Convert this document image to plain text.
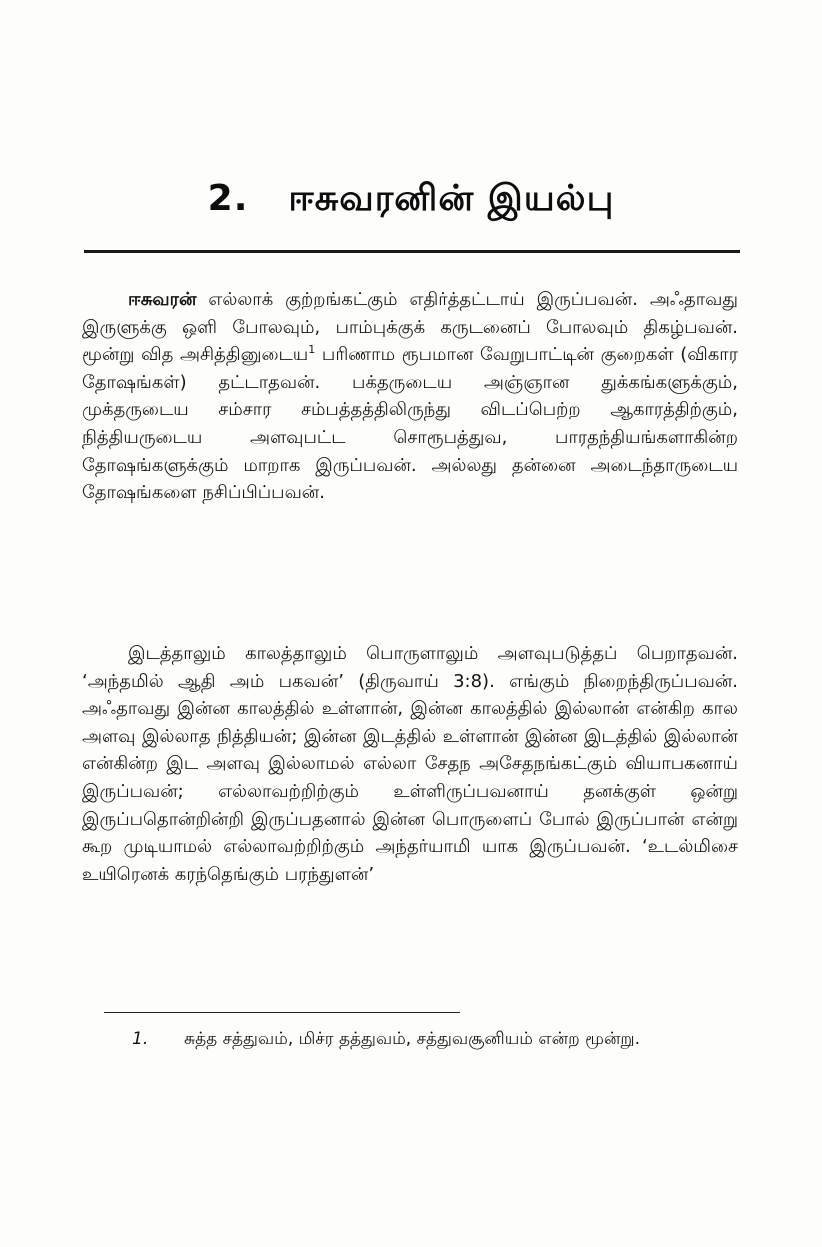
2. ஈசுவரனின் இயல்பு

ஈசுவரன் எல்லாக் குற்றங்கட்கும் எதிர்த்தட்டாய் இருப்பவன். அஃதாவது இருளுக்கு ஒளி போலவும், பாம்புக்குக் கருடனைப் போலவும் திகழ்பவன். மூன்று வித அசித்தினுடைய$^1$ பரிணாம ரூபமான வேறுபாட்டின் குறைகள் (விகார தோஷங்கள்) தட்டாதவன். பக்தருடைய அஞ்ஞான துக்கங்களுக்கும், முக்தருடைய சம்சார சம்பத்தத்திலிருந்து விடப்பெற்ற ஆகாரத்திற்கும், நித்தியருடைய அளவுபட்ட சொரூபத்துவ, பாரதந்தியங்களாகின்ற தோஷங்களுக்கும் மாறாக இருப்பவன். அல்லது தன்னை அடைந்தாருடைய தோஷங்களை நசிப்பிப்பவன்.

இடத்தாலும் காலத்தாலும் பொருளாலும் அளவுபடுத்தப் பெறாதவன். ‘அந்தமில் ஆதி அம் பகவன்’ (திருவாய் 3:8). எங்கும் நிறைந்திருப்பவன். அஃதாவது இன்ன காலத்தில் உள்ளான், இன்ன காலத்தில் இல்லான் என்கிற கால அளவு இல்லாத நித்தியன்; இன்ன இடத்தில் உள்ளான் இன்ன இடத்தில் இல்லான் என்கின்ற இட அளவு இல்லாமல் எல்லா சேதந அசேதநங்கட்கும் வியாபகனாய் இருப்பவன்; எல்லாவற்றிற்கும் உள்ளிருப்பவனாய் தனக்குள் ஒன்று இருப்பதொன்றின்றி இருப்பதனால் இன்ன பொருளைப் போல் இருப்பான் என்று கூற முடியாமல் எல்லாவற்றிற்கும் அந்தர்யாமி யாக இருப்பவன். ‘உடல்மிசை உயிரெனக் கரந்தெங்கும் பரந்துளன்’

1.	சுத்த சத்துவம், மிச்ர தத்துவம், சத்துவசூனியம் என்ற மூன்று.
